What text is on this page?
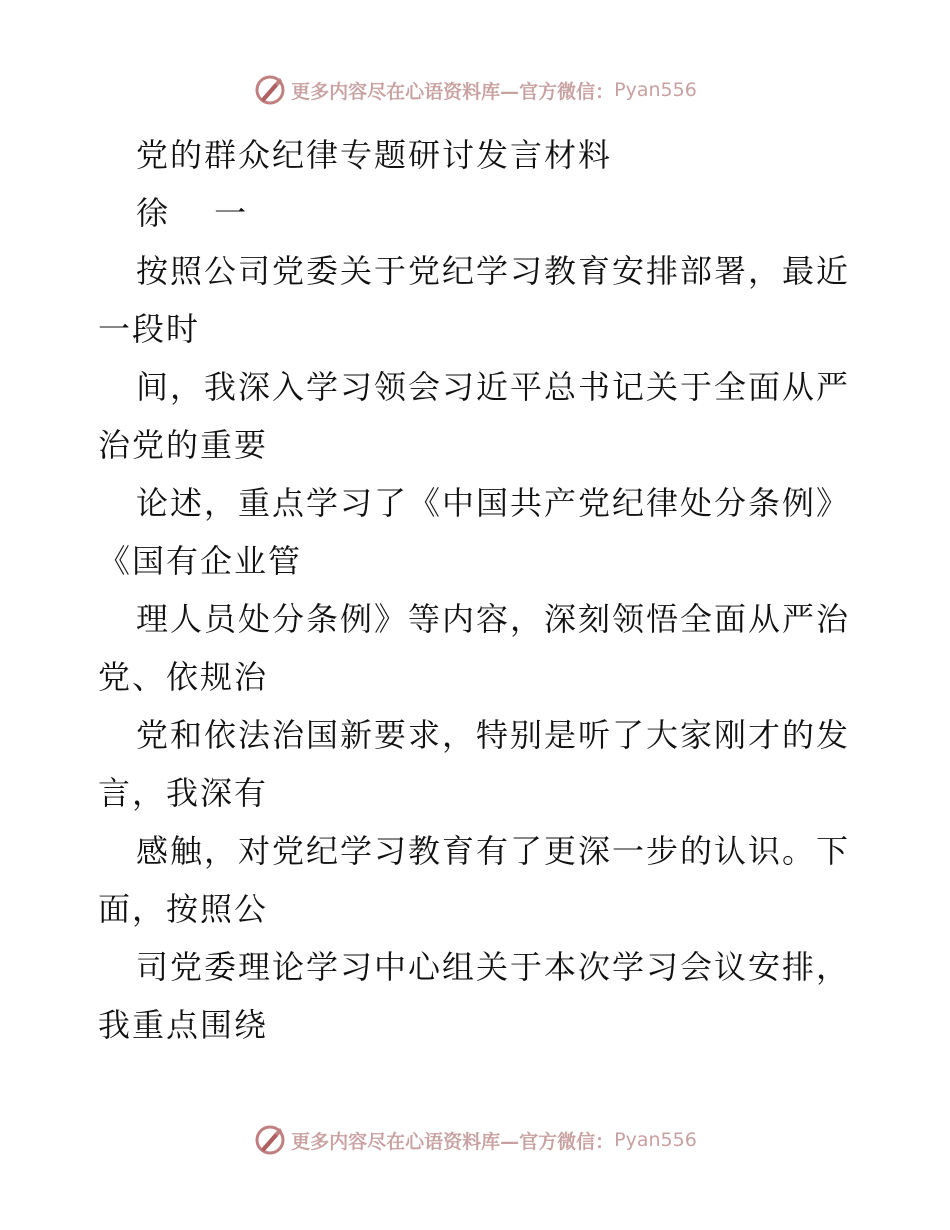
更多内容尽在心语资料库—官方微信： Pyan556
党的群众纪律专题研讨发言材料
徐 一
按照公司党委关于党纪学习教育安排部署，最近
一段时
间，我深入学习领会习近平总书记关于全面从严
治党的重要
论述，重点学习了《中国共产党纪律处分条例》
《国有企业管
理人员处分条例》等内容，深刻领悟全面从严治
党、依规治
党和依法治国新要求，特别是听了大家刚才的发
言，我深有
感触，对党纪学习教育有了更深一步的认识。下
面，按照公
司党委理论学习中心组关于本次学习会议安排，
我重点围绕
更多内容尽在心语资料库—官方微信： Pyan556
